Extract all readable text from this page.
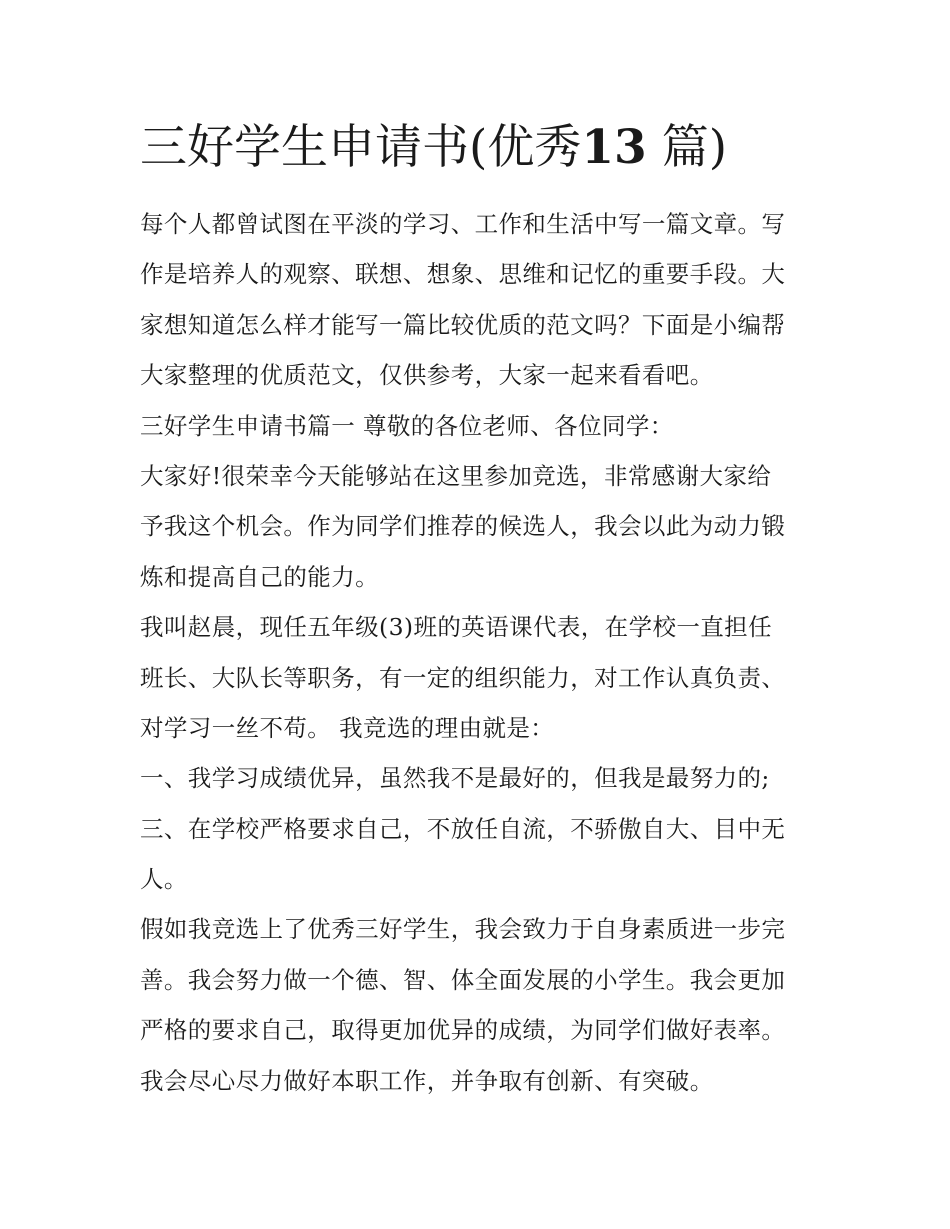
三好学生申请书(优秀13 篇)
每个人都曾试图在平淡的学习、工作和生活中写一篇文章。写
作是培养人的观察、联想、想象、思维和记忆的重要手段。大
家想知道怎么样才能写一篇比较优质的范文吗？下面是小编帮
大家整理的优质范文，仅供参考，大家一起来看看吧。
三好学生申请书篇一 尊敬的各位老师、各位同学：
大家好!很荣幸今天能够站在这里参加竞选，非常感谢大家给
予我这个机会。作为同学们推荐的候选人，我会以此为动力锻
炼和提高自己的能力。
我叫赵晨，现任五年级(3)班的英语课代表，在学校一直担任
班长、大队长等职务，有一定的组织能力，对工作认真负责、
对学习一丝不苟。 我竞选的理由就是：
一、我学习成绩优异，虽然我不是最好的，但我是最努力的;
三、在学校严格要求自己，不放任自流，不骄傲自大、目中无
人。
假如我竞选上了优秀三好学生，我会致力于自身素质进一步完
善。我会努力做一个德、智、体全面发展的小学生。我会更加
严格的要求自己，取得更加优异的成绩，为同学们做好表率。
我会尽心尽力做好本职工作，并争取有创新、有突破。
